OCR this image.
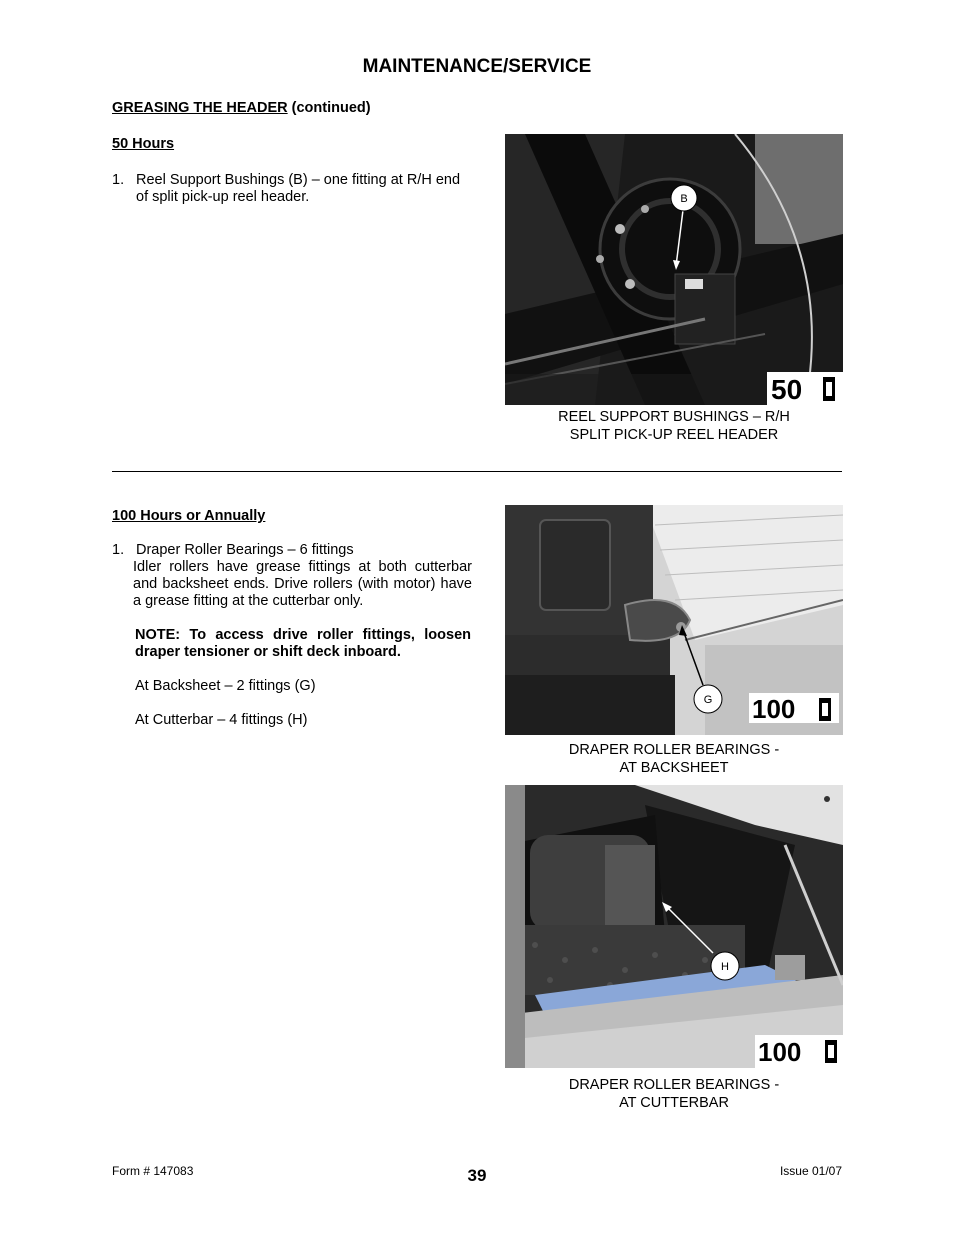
MAINTENANCE/SERVICE
GREASING THE HEADER (continued)
50 Hours
1. Reel Support Bushings (B) – one fitting at R/H end of split pick-up reel header.	B
50
REEL SUPPORT BUSHINGS – R/H
SPLIT PICK-UP REEL HEADER
100 Hours or Annually
1. Draper Roller Bearings – 6 fittings
Idler rollers have grease fittings at both cutterbar and backsheet ends. Drive rollers (with motor) have a grease fitting at the cutterbar only.
NOTE: To access drive roller fittings, loosen draper tensioner or shift deck inboard.
At Backsheet – 2 fittings (G)
At Cutterbar – 4 fittings (H)
G 100
DRAPER ROLLER BEARINGS -
AT BACKSHEET
H
100
DRAPER ROLLER BEARINGS -
AT CUTTERBAR
Form # 147083	39	Issue 01/07
